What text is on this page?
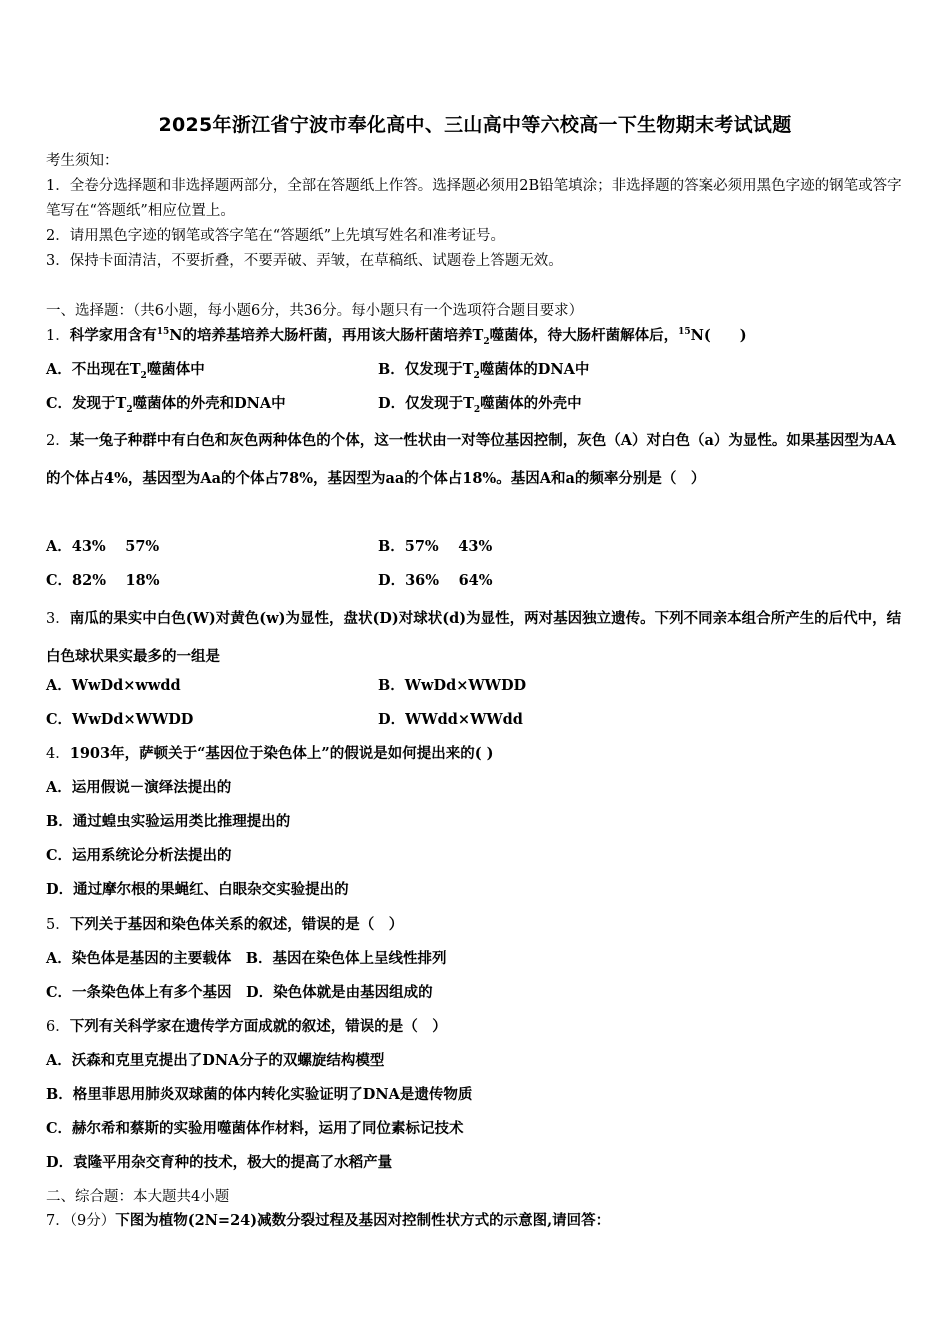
2025年浙江省宁波市奉化高中、三山高中等六校高一下生物期末考试试题
考生须知：
1．全卷分选择题和非选择题两部分，全部在答题纸上作答。选择题必须用2B铅笔填涂；非选择题的答案必须用黑色字迹的钢笔或答字笔写在“答题纸”相应位置上。
2．请用黑色字迹的钢笔或答字笔在“答题纸”上先填写姓名和准考证号。
3．保持卡面清洁，不要折叠，不要弄破、弄皱，在草稿纸、试题卷上答题无效。
一、选择题：（共6小题，每小题6分，共36分。每小题只有一个选项符合题目要求）
1．科学家用含有$^{15}$N的培养基培养大肠杆菌，再用该大肠杆菌培养$T_2$噬菌体，待大肠杆菌解体后，$^{15}$N(　　)
A．不出现在$T_2$噬菌体中	B．仅发现于$T_2$噬菌体的DNA中
C．发现于$T_2$噬菌体的外壳和DNA中	D．仅发现于$T_2$噬菌体的外壳中
2．某一兔子种群中有白色和灰色两种体色的个体，这一性状由一对等位基因控制，灰色（A）对白色（a）为显性。如果基因型为AA的个体占4%，基因型为Aa的个体占78%，基因型为aa的个体占18%。基因A和a的频率分别是（　）
A．43%　 57%	B．57%　 43%
C．82%　 18%	D．36%　 64%
3．南瓜的果实中白色(W)对黄色(w)为显性，盘状(D)对球状(d)为显性，两对基因独立遗传。下列不同亲本组合所产生的后代中，结白色球状果实最多的一组是
A．WwDd×wwdd	B．WwDd×WWDD
C．WwDd×WWDD	D．WWdd×WWdd
4．1903年，萨顿关于“基因位于染色体上”的假说是如何提出来的( )
A．运用假说－演绎法提出的
B．通过蝗虫实验运用类比推理提出的
C．运用系统论分析法提出的
D．通过摩尔根的果蝇红、白眼杂交实验提出的
5．下列关于基因和染色体关系的叙述，错误的是（　）
A．染色体是基因的主要载体　B．基因在染色体上呈线性排列
C．一条染色体上有多个基因　D．染色体就是由基因组成的
6．下列有关科学家在遗传学方面成就的叙述，错误的是（　）
A．沃森和克里克提出了DNA分子的双螺旋结构模型
B．格里菲思用肺炎双球菌的体内转化实验证明了DNA是遗传物质
C．赫尔希和蔡斯的实验用噬菌体作材料，运用了同位素标记技术
D．袁隆平用杂交育种的技术，极大的提高了水稻产量
二、综合题：本大题共4小题
7．（9分）下图为植物(2N=24)减数分裂过程及基因对控制性状方式的示意图,请回答：
